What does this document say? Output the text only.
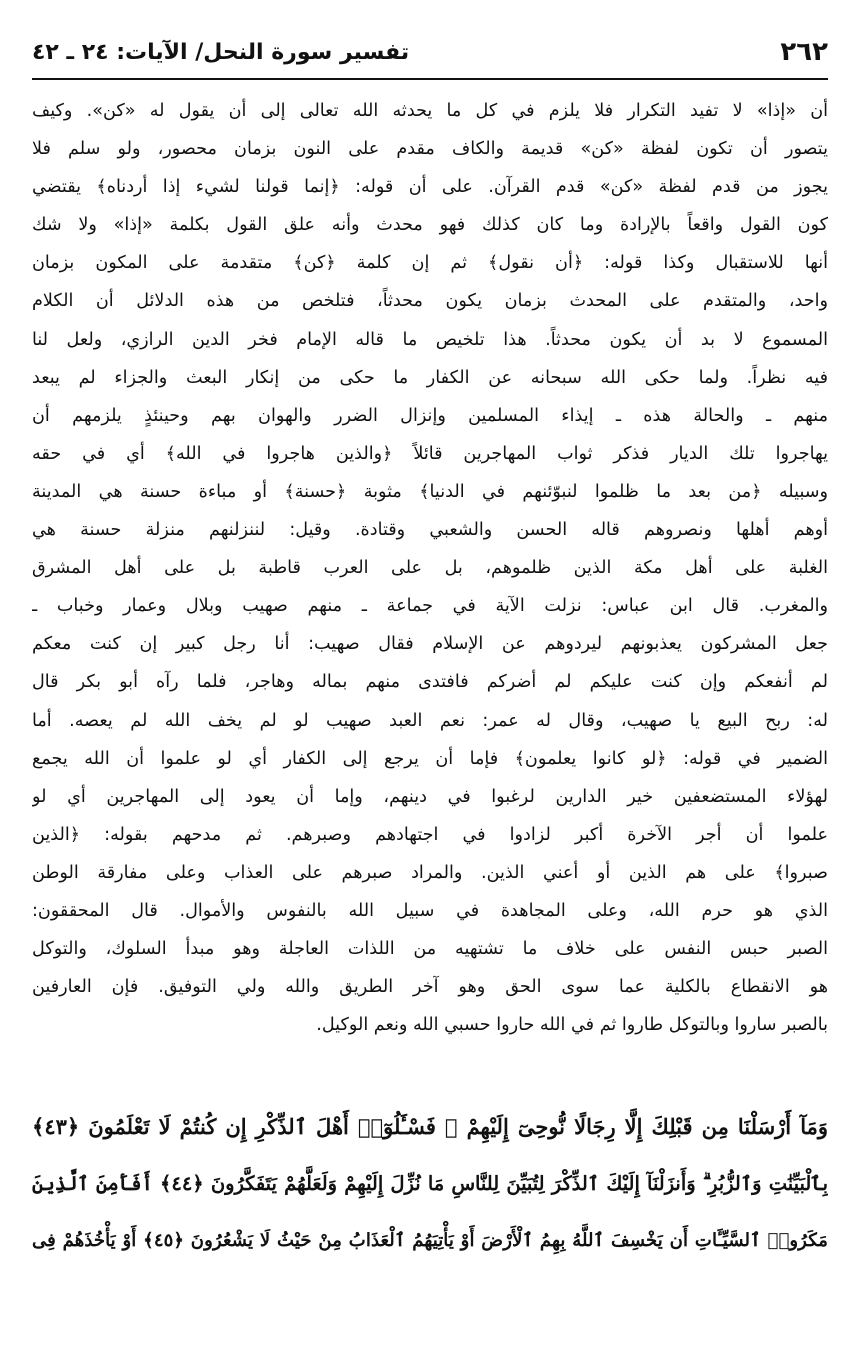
٢٦٢
تفسير سورة النحل/ الآيات: ٢٤ ـ ٤٢
أن «إذا» لا تفيد التكرار فلا يلزم في كل ما يحدثه الله تعالى إلى أن يقول له «كن». وكيف
يتصور أن تكون لفظة «كن» قديمة والكاف مقدم على النون بزمان محصور، ولو سلم فلا
يجوز من قدم لفظة «كن» قدم القرآن. على أن قوله: ﴿إنما قولنا لشيء إذا أردناه﴾ يقتضي
كون القول واقعاً بالإرادة وما كان كذلك فهو محدث وأنه علق القول بكلمة «إذا» ولا شك
أنها للاستقبال وكذا قوله: ﴿أن نقول﴾ ثم إن كلمة ﴿كن﴾ متقدمة على المكون بزمان
واحد، والمتقدم على المحدث بزمان يكون محدثاً، فتلخص من هذه الدلائل أن الكلام
المسموع لا بد أن يكون محدثاً. هذا تلخيص ما قاله الإمام فخر الدين الرازي، ولعل لنا
فيه نظراً. ولما حكى الله سبحانه عن الكفار ما حكى من إنكار البعث والجزاء لم يبعد
منهم ـ والحالة هذه ـ إيذاء المسلمين وإنزال الضرر والهوان بهم وحينئذٍ يلزمهم أن
يهاجروا تلك الديار فذكر ثواب المهاجرين قائلاً ﴿والذين هاجروا في الله﴾ أي في حقه
وسبيله ﴿من بعد ما ظلموا لنبوّئنهم في الدنيا﴾ مثوبة ﴿حسنة﴾ أو مباءة حسنة هي المدينة
أوهم أهلها ونصروهم قاله الحسن والشعبي وقتادة. وقيل: لننزلنهم منزلة حسنة هي
الغلبة على أهل مكة الذين ظلموهم، بل على العرب قاطبة بل على أهل المشرق
والمغرب. قال ابن عباس: نزلت الآية في جماعة ـ منهم صهيب وبلال وعمار وخباب ـ
جعل المشركون يعذبونهم ليردوهم عن الإسلام فقال صهيب: أنا رجل كبير إن كنت معكم
لم أنفعكم وإن كنت عليكم لم أضركم فافتدى منهم بماله وهاجر، فلما رآه أبو بكر قال
له: ربح البيع يا صهيب، وقال له عمر: نعم العبد صهيب لو لم يخف الله لم يعصه. أما
الضمير في قوله: ﴿لو كانوا يعلمون﴾ فإما أن يرجع إلى الكفار أي لو علموا أن الله يجمع
لهؤلاء المستضعفين خير الدارين لرغبوا في دينهم، وإما أن يعود إلى المهاجرين أي لو
علموا أن أجر الآخرة أكبر لزادوا في اجتهادهم وصبرهم. ثم مدحهم بقوله: ﴿الذين
صبروا﴾ على هم الذين أو أعني الذين. والمراد صبرهم على العذاب وعلى مفارقة الوطن
الذي هو حرم الله، وعلى المجاهدة في سبيل الله بالنفوس والأموال. قال المحققون:
الصبر حبس النفس على خلاف ما تشتهيه من اللذات العاجلة وهو مبدأ السلوك، والتوكل
هو الانقطاع بالكلية عما سوى الحق وهو آخر الطريق والله ولي التوفيق. فإن العارفين
بالصبر ساروا وبالتوكل طاروا ثم في الله حاروا حسبي الله ونعم الوكيل.
وَمَآ أَرْسَلْنَا مِن قَبْلِكَ إِلَّا رِجَالًا نُّوحِىٓ إِلَيْهِمْ ۚ فَسْـَٔلُوٓا۟ أَهْلَ ٱلذِّكْرِ إِن كُنتُمْ لَا تَعْلَمُونَ ﴿٤٣﴾
بِٱلْبَيِّنَٰتِ وَٱلزُّبُرِ ۗ وَأَنزَلْنَآ إِلَيْكَ ٱلذِّكْرَ لِتُبَيِّنَ لِلنَّاسِ مَا نُزِّلَ إِلَيْهِمْ وَلَعَلَّهُمْ يَتَفَكَّرُونَ ﴿٤٤﴾ أَفَأَمِنَ ٱلَّذِينَ
مَكَرُوا۟ ٱلسَّيِّـَٔاتِ أَن يَخْسِفَ ٱللَّهُ بِهِمُ ٱلْأَرْضَ أَوْ يَأْتِيَهُمُ ٱلْعَذَابُ مِنْ حَيْثُ لَا يَشْعُرُونَ ﴿٤٥﴾ أَوْ يَأْخُذَهُمْ فِى
